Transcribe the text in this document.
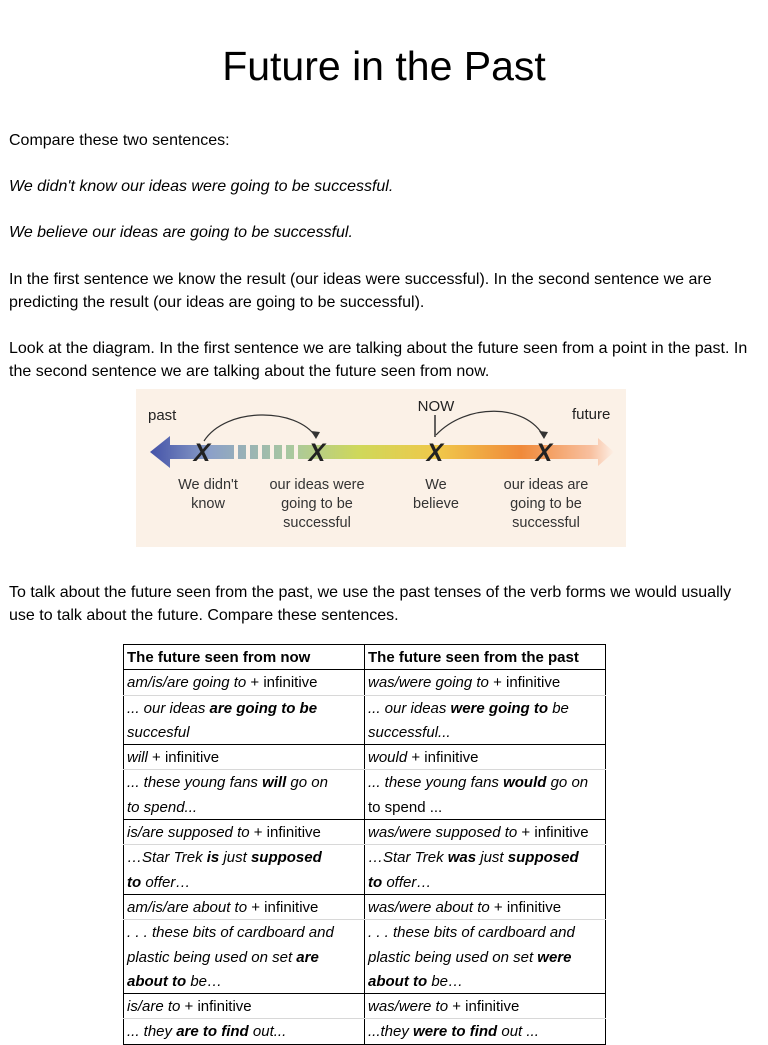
Future in the Past
Compare these two sentences:
We didn't know our ideas were going to be successful.
We believe our ideas are going to be successful.
In the first sentence we know the result (our ideas were successful). In the second sentence we are predicting the result (our ideas are going to be successful).
Look at the diagram. In the first sentence we are talking about the future seen from a point in the past. In the second sentence we are talking about the future seen from now.
past
NOW	future
X	X	X	X
We didn't
know
our ideas were
going to be
successful
We
believe
our ideas are
going to be
successful
To talk about the future seen from the past, we use the past tenses of the verb forms we would usually use to talk about the future. Compare these sentences.
The future seen from now	The future seen from the past
am/is/are going to + infinitive	was/were going to + infinitive
... our ideas are going to be	... our ideas were going to be
succesful	successful...
will + infinitive	would + infinitive
... these young fans will go on	... these young fans would go on
to spend...	to spend ...
is/are supposed to + infinitive	was/were supposed to + infinitive
…Star Trek is just supposed	…Star Trek was just supposed
to offer…	to offer…
am/is/are about to + infinitive	was/were about to + infinitive
. . . these bits of cardboard and	. . . these bits of cardboard and
plastic being used on set are	plastic being used on set were
about to be…	about to be…
is/are to + infinitive	was/were to + infinitive
... they are to find out...	...they were to find out ...
